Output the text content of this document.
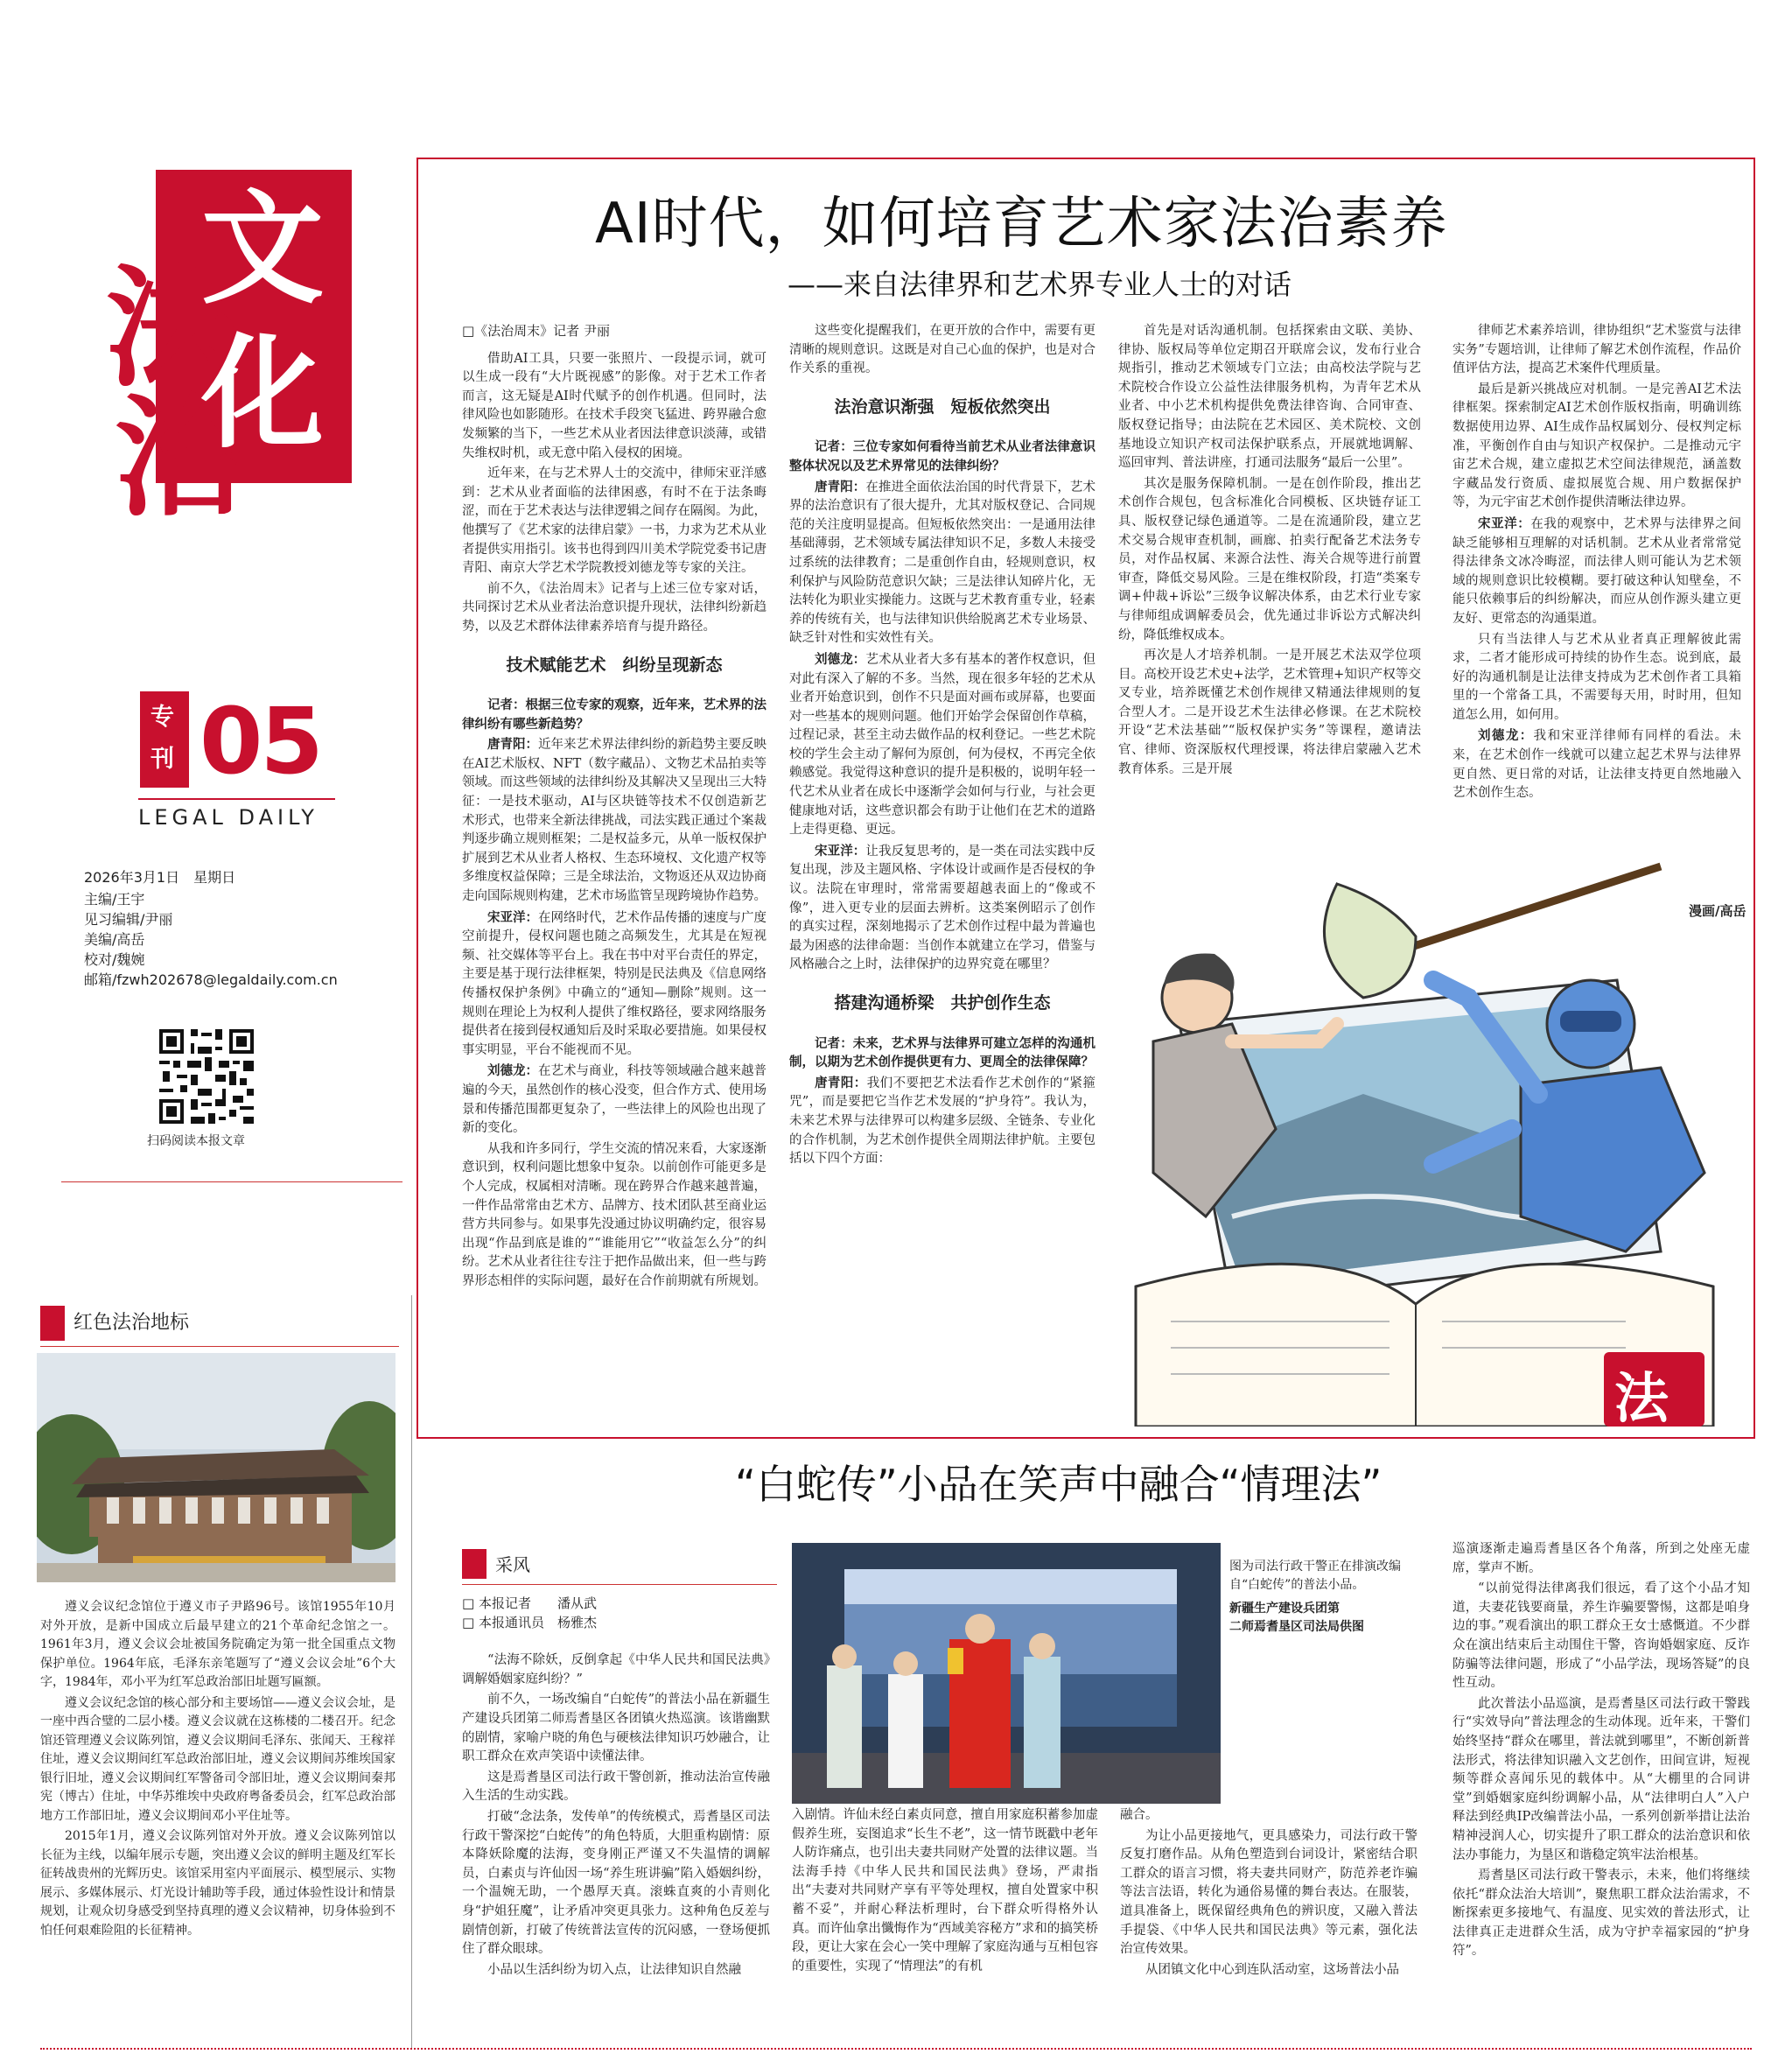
法
治
文
化
专刊 05
LEGAL DAILY
2026年3月1日　星期日
主编/王宇
见习编辑/尹丽
美编/高岳
校对/魏婉
邮箱/fzwh202678@legaldaily.com.cn
扫码阅读本报文章
AI时代，如何培育艺术家法治素养
——来自法律界和艺术界专业人士的对话
□《法治周末》记者 尹丽

借助AI工具，只要一张照片、一段提示词，就可以生成一段有“大片既视感”的影像。对于艺术工作者而言，这无疑是AI时代赋予的创作机遇。但同时，法律风险也如影随形。在技术手段突飞猛进、跨界融合愈发频繁的当下，一些艺术从业者因法律意识淡薄，或错失维权时机，或无意中陷入侵权的困境。

近年来，在与艺术界人士的交流中，律师宋亚洋感到：艺术从业者面临的法律困惑，有时不在于法条晦涩，而在于艺术表达与法律逻辑之间存在隔阂。为此，他撰写了《艺术家的法律启蒙》一书，力求为艺术从业者提供实用指引。该书也得到四川美术学院党委书记唐青阳、南京大学艺术学院教授刘德龙等专家的关注。

前不久，《法治周末》记者与上述三位专家对话，共同探讨艺术从业者法治意识提升现状，法律纠纷新趋势，以及艺术群体法律素养培育与提升路径。

技术赋能艺术　纠纷呈现新态

记者：根据三位专家的观察，近年来，艺术界的法律纠纷有哪些新趋势？

唐青阳：近年来艺术界法律纠纷的新趋势主要反映在AI艺术版权、NFT（数字藏品）、文物艺术品拍卖等领域。而这些领域的法律纠纷及其解决又呈现出三大特征：一是技术驱动，AI与区块链等技术不仅创造新艺术形式，也带来全新法律挑战，司法实践正通过个案裁判逐步确立规则框架；二是权益多元，从单一版权保护扩展到艺术从业者人格权、生态环境权、文化遗产权等多维度权益保障；三是全球法治，文物返还从双边协商走向国际规则构建，艺术市场监管呈现跨境协作趋势。

宋亚洋：在网络时代，艺术作品传播的速度与广度空前提升，侵权问题也随之高频发生，尤其是在短视频、社交媒体等平台上。我在书中对平台责任的界定，主要是基于现行法律框架，特别是民法典及《信息网络传播权保护条例》中确立的“通知—删除”规则。这一规则在理论上为权利人提供了维权路径，要求网络服务提供者在接到侵权通知后及时采取必要措施。如果侵权事实明显，平台不能视而不见。

刘德龙：在艺术与商业，科技等领域融合越来越普遍的今天，虽然创作的核心没变，但合作方式、使用场景和传播范围都更复杂了，一些法律上的风险也出现了新的变化。

从我和许多同行，学生交流的情况来看，大家逐渐意识到，权利问题比想象中复杂。以前创作可能更多是个人完成，权属相对清晰。现在跨界合作越来越普遍，一件作品常常由艺术方、品牌方、技术团队甚至商业运营方共同参与。如果事先没通过协议明确约定，很容易出现“作品到底是谁的”“谁能用它”“收益怎么分”的纠纷。艺术从业者往往专注于把作品做出来，但一些与跨界形态相伴的实际问题，最好在合作前期就有所规划。

这些变化提醒我们，在更开放的合作中，需要有更清晰的规则意识。这既是对自己心血的保护，也是对合作关系的重视。

法治意识渐强　短板依然突出

记者：三位专家如何看待当前艺术从业者法律意识整体状况以及艺术界常见的法律纠纷？

唐青阳：在推进全面依法治国的时代背景下，艺术界的法治意识有了很大提升，尤其对版权登记、合同规范的关注度明显提高。但短板依然突出：一是通用法律基础薄弱，艺术领域专属法律知识不足，多数人未接受过系统的法律教育；二是重创作自由，轻规则意识，权利保护与风险防范意识欠缺；三是法律认知碎片化，无法转化为职业实操能力。这既与艺术教育重专业，轻素养的传统有关，也与法律知识供给脱离艺术专业场景、缺乏针对性和实效性有关。

刘德龙：艺术从业者大多有基本的著作权意识，但对此有深入了解的不多。当然，现在很多年轻的艺术从业者开始意识到，创作不只是面对画布或屏幕，也要面对一些基本的规则问题。他们开始学会保留创作草稿，过程记录，甚至主动去做作品的权利登记。一些艺术院校的学生会主动了解何为原创，何为侵权，不再完全依赖感觉。我觉得这种意识的提升是积极的，说明年轻一代艺术从业者在成长中逐渐学会如何与行业，与社会更健康地对话，这些意识都会有助于让他们在艺术的道路上走得更稳、更远。

宋亚洋：让我反复思考的，是一类在司法实践中反复出现，涉及主题风格、字体设计或画作是否侵权的争议。法院在审理时，常常需要超越表面上的“像或不像”，进入更专业的层面去辨析。这类案例昭示了创作的真实过程，深刻地揭示了艺术创作过程中最为普遍也最为困惑的法律命题：当创作本就建立在学习，借鉴与风格融合之上时，法律保护的边界究竟在哪里？

搭建沟通桥梁　共护创作生态

记者：未来，艺术界与法律界可建立怎样的沟通机制，以期为艺术创作提供更有力、更周全的法律保障？

唐青阳：我们不要把艺术法看作艺术创作的“紧箍咒”，而是要把它当作艺术发展的“护身符”。我认为，未来艺术界与法律界可以构建多层级、全链条、专业化的合作机制，为艺术创作提供全周期法律护航。主要包括以下四个方面：

首先是对话沟通机制。包括探索由文联、美协、律协、版权局等单位定期召开联席会议，发布行业合规指引，推动艺术领域专门立法；由高校法学院与艺术院校合作设立公益性法律服务机构，为青年艺术从业者、中小艺术机构提供免费法律咨询、合同审查、版权登记指导；由法院在艺术园区、美术院校、文创基地设立知识产权司法保护联系点，开展就地调解、巡回审判、普法讲座，打通司法服务“最后一公里”。

其次是服务保障机制。一是在创作阶段，推出艺术创作合规包，包含标准化合同模板、区块链存证工具、版权登记绿色通道等。二是在流通阶段，建立艺术交易合规审查机制，画廊、拍卖行配备艺术法务专员，对作品权属、来源合法性、海关合规等进行前置审查，降低交易风险。三是在维权阶段，打造“类案专调+仲裁+诉讼”三级争议解决体系，由艺术行业专家与律师组成调解委员会，优先通过非诉讼方式解决纠纷，降低维权成本。

再次是人才培养机制。一是开展艺术法双学位项目。高校开设艺术史+法学，艺术管理+知识产权等交叉专业，培养既懂艺术创作规律又精通法律规则的复合型人才。二是开设艺术生法律必修课。在艺术院校开设“艺术法基础”“版权保护实务”等课程，邀请法官、律师、资深版权代理授课，将法律启蒙融入艺术教育体系。三是开展

律师艺术素养培训，律协组织“艺术鉴赏与法律实务”专题培训，让律师了解艺术创作流程，作品价值评估方法，提高艺术案件代理质量。

最后是新兴挑战应对机制。一是完善AI艺术法律框架。探索制定AI艺术创作版权指南，明确训练数据使用边界、AI生成作品权属划分、侵权判定标准，平衡创作自由与知识产权保护。二是推动元宇宙艺术合规，建立虚拟艺术空间法律规范，涵盖数字藏品发行资质、虚拟展览合规、用户数据保护等，为元宇宙艺术创作提供清晰法律边界。

宋亚洋：在我的观察中，艺术界与法律界之间缺乏能够相互理解的对话机制。艺术从业者常常觉得法律条文冰冷晦涩，而法律人则可能认为艺术领域的规则意识比较模糊。要打破这种认知壁垒，不能只依赖事后的纠纷解决，而应从创作源头建立更友好、更常态的沟通渠道。

只有当法律人与艺术从业者真正理解彼此需求，二者才能形成可持续的协作生态。说到底，最好的沟通机制是让法律支持成为艺术创作者工具箱里的一个常备工具，不需要每天用，时时用，但知道怎么用，如何用。

刘德龙：我和宋亚洋律师有同样的看法。未来，在艺术创作一线就可以建立起艺术界与法律界更自然、更日常的对话，让法律支持更自然地融入艺术创作生态。

漫画/高岳
法
红色法治地标

遵义会议纪念馆位于遵义市子尹路96号。该馆1955年10月对外开放，是新中国成立后最早建立的21个革命纪念馆之一。1961年3月，遵义会议会址被国务院确定为第一批全国重点文物保护单位。1964年底，毛泽东亲笔题写了“遵义会议会址”6个大字，1984年，邓小平为红军总政治部旧址题写匾额。

遵义会议纪念馆的核心部分和主要场馆——遵义会议会址，是一座中西合璧的二层小楼。遵义会议就在这栋楼的二楼召开。纪念馆还管理遵义会议陈列馆，遵义会议期间毛泽东、张闻天、王稼祥住址，遵义会议期间红军总政治部旧址，遵义会议期间苏维埃国家银行旧址，遵义会议期间红军警备司令部旧址，遵义会议期间秦邦宪（博古）住址，中华苏维埃中央政府粤备委员会，红军总政治部地方工作部旧址，遵义会议期间邓小平住址等。

2015年1月，遵义会议陈列馆对外开放。遵义会议陈列馆以长征为主线，以编年展示专题，突出遵义会议的鲜明主题及红军长征转战贵州的光辉历史。该馆采用室内平面展示、模型展示、实物展示、多媒体展示、灯光设计辅助等手段，通过体验性设计和情景规划，让观众切身感受到坚持真理的遵义会议精神，切身体验到不怕任何艰难险阻的长征精神。

“白蛇传”小品在笑声中融合“情理法”
采风
□ 本报记者　　潘从武
□ 本报通讯员　杨雅杰

“法海不除妖，反倒拿起《中华人民共和国民法典》调解婚姻家庭纠纷？”

前不久，一场改编自“白蛇传”的普法小品在新疆生产建设兵团第二师焉耆垦区各团镇火热巡演。该谐幽默的剧情，家喻户晓的角色与硬核法律知识巧妙融合，让职工群众在欢声笑语中读懂法律。

这是焉耆垦区司法行政干警创新，推动法治宣传融入生活的生动实践。

打破“念法条，发传单”的传统模式，焉耆垦区司法行政干警深挖“白蛇传”的角色特质，大胆重构剧情：原本降妖除魔的法海，变身刚正严谨又不失温情的调解员，白素贞与许仙因一场“养生班讲骗”陷入婚姻纠纷，一个温婉无助，一个愚厚天真。滚蛛直爽的小青则化身“护姐狂魔”，让矛盾冲突更具张力。这种角色反差与剧情创新，打破了传统普法宣传的沉闷感，一登场便抓住了群众眼球。

小品以生活纠纷为切入点，让法律知识自然融

图为司法行政干警正在排演改编自“白蛇传”的普法小品。
新疆生产建设兵团第
二师焉耆垦区司法局供图

入剧情。许仙未经白素贞同意，擅自用家庭积蓄参加虚假养生班，妄图追求“长生不老”，这一情节既戳中老年人防诈痛点，也引出夫妻共同财产处置的法律议题。当法海手持《中华人民共和国民法典》登场，严肃指出“夫妻对共同财产享有平等处理权，擅自处置家中积蓄不妥”，并耐心释法析理时，台下群众听得格外认真。而许仙拿出懺悔作为“西域美容秘方”求和的搞笑桥段，更让大家在会心一笑中理解了家庭沟通与互相包容的重要性，实现了“情理法”的有机

融合。

为让小品更接地气，更具感染力，司法行政干警反复打磨作品。从角色塑造到台词设计，紧密结合职工群众的语言习惯，将夫妻共同财产，防范养老诈骗等法言法语，转化为通俗易懂的舞台表达。在服装，道具准备上，既保留经典角色的辨识度，又融入普法手提袋、《中华人民共和国民法典》等元素，强化法治宣传效果。

从团镇文化中心到连队活动室，这场普法小品

巡演逐渐走遍焉耆垦区各个角落，所到之处座无虚席，掌声不断。

“以前觉得法律离我们很远，看了这个小品才知道，夫妻花钱要商量，养生诈骗要警惕，这都是咱身边的事。”观看演出的职工群众王女士感慨道。不少群众在演出结束后主动围住干警，咨询婚姻家庭、反诈防骗等法律问题，形成了“小品学法，现场答疑”的良性互动。

此次普法小品巡演，是焉耆垦区司法行政干警践行“实效导向”普法理念的生动体现。近年来，干警们始终坚持“群众在哪里，普法就到哪里”，不断创新普法形式，将法律知识融入文艺创作，田间宣讲，短视频等群众喜闻乐见的载体中。从“大棚里的合同讲堂”到婚姻家庭纠纷调解小品，从“法律明白人”入户释法到经典IP改编普法小品，一系列创新举措让法治精神浸润人心，切实提升了职工群众的法治意识和依法办事能力，为垦区和谐稳定筑牢法治根基。

焉耆垦区司法行政干警表示，未来，他们将继续依托“群众法治大培训”，聚焦职工群众法治需求，不断探索更多接地气、有温度、见实效的普法形式，让法律真正走进群众生活，成为守护幸福家园的“护身符”。
